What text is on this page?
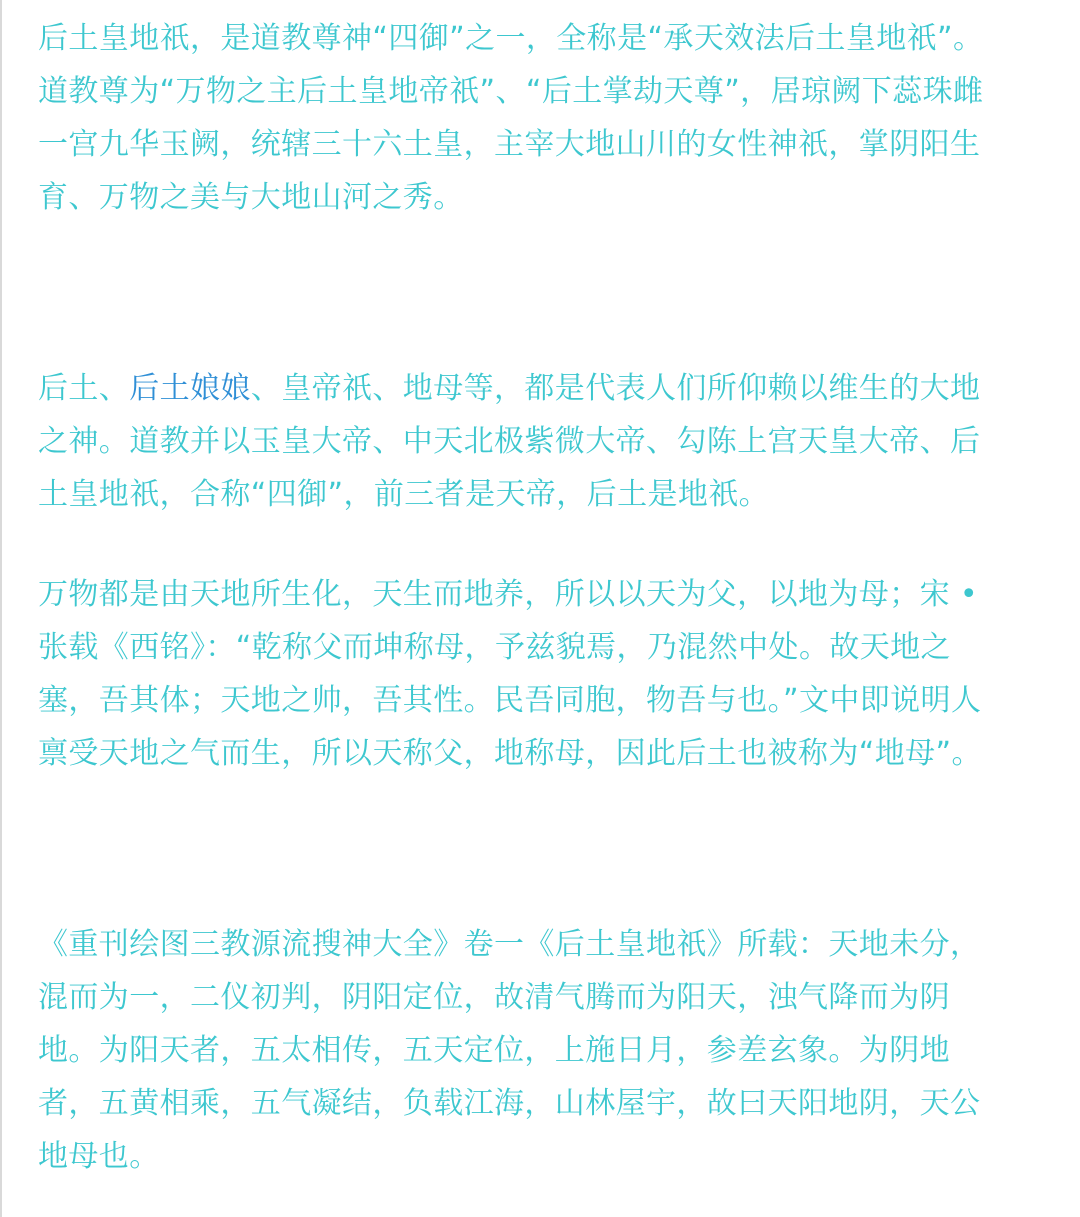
后土皇地祇，是道教尊神“四御”之一，全称是“承天效法后土皇地祇”。
道教尊为“万物之主后土皇地帝祇”、“后土掌劫天尊”，居琼阙下蕊珠雌
一宫九华玉阙，统辖三十六土皇，主宰大地山川的女性神祇，掌阴阳生
育、万物之美与大地山河之秀。

后土、后土娘娘、皇帝祇、地母等，都是代表人们所仰赖以维生的大地
之神。道教并以玉皇大帝、中天北极紫微大帝、勾陈上宫天皇大帝、后
土皇地祇，合称“四御”，前三者是天帝，后土是地祇。

万物都是由天地所生化，天生而地养，所以以天为父，以地为母；宋 •
张载《西铭》：“乾称父而坤称母，予兹貌焉，乃混然中处。故天地之
塞，吾其体；天地之帅，吾其性。民吾同胞，物吾与也。”文中即说明人
禀受天地之气而生，所以天称父，地称母，因此后土也被称为“地母”。

《重刊绘图三教源流搜神大全》卷一《后土皇地祇》所载：天地未分，
混而为一，二仪初判，阴阳定位，故清气腾而为阳天，浊气降而为阴
地。为阳天者，五太相传，五天定位，上施日月，参差玄象。为阴地
者，五黄相乘，五气凝结，负载江海，山林屋宇，故曰天阳地阴，天公
地母也。
